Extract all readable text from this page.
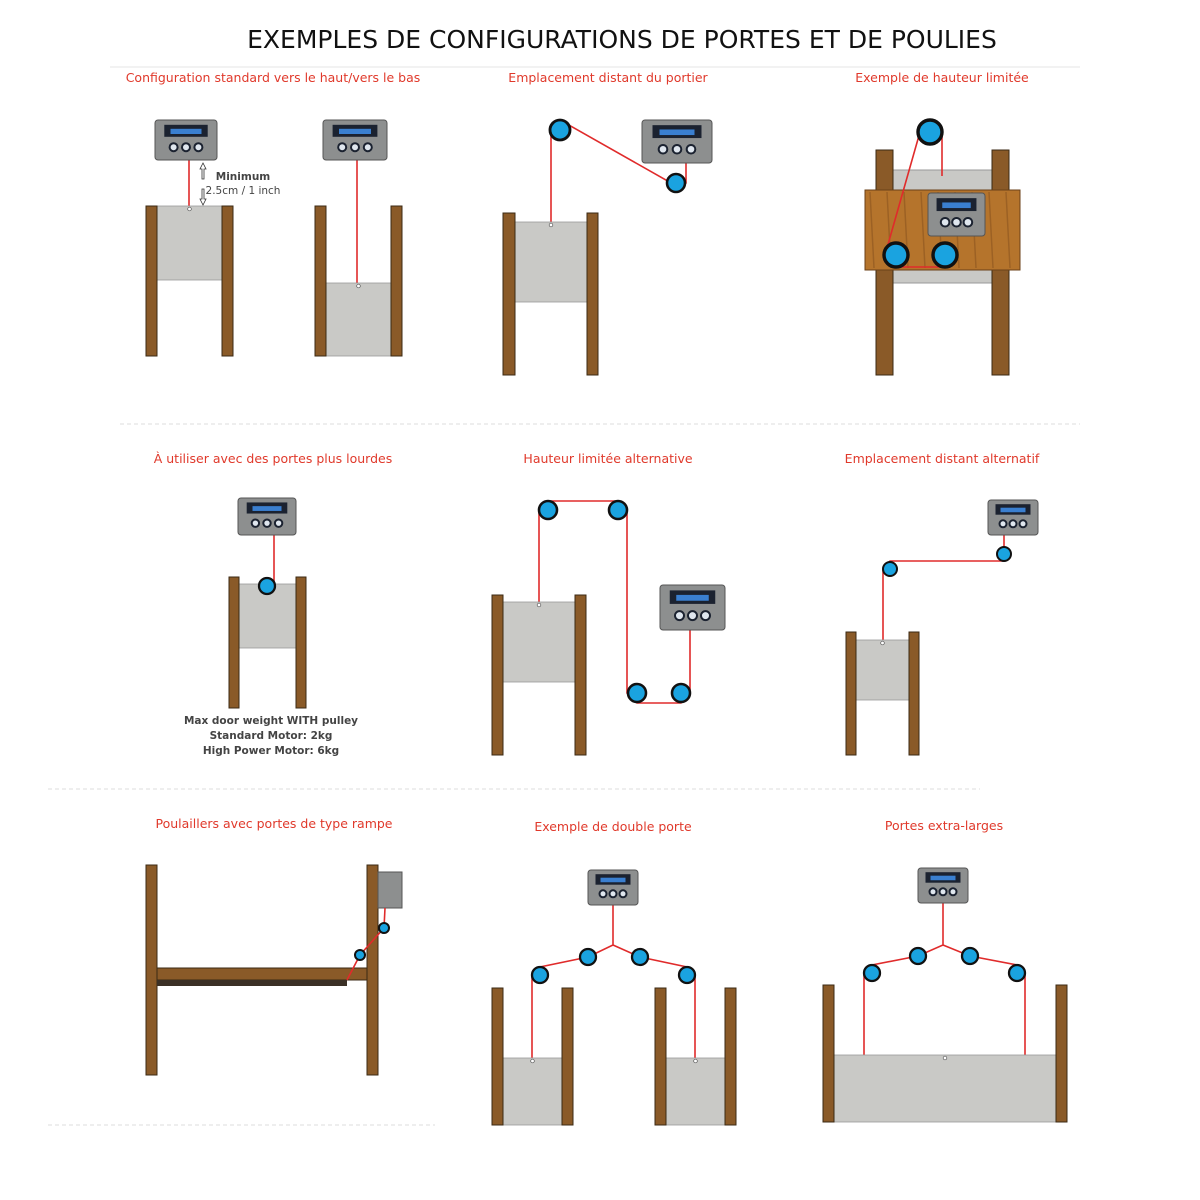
EXEMPLES DE CONFIGURATIONS DE PORTES ET DE POULIES
Configuration standard vers le haut/vers le bas	Emplacement distant du portier	Exemple de hauteur limitée
À utiliser avec des portes plus lourdes	Hauteur limitée alternative	Emplacement distant alternatif
Poulaillers avec portes de type rampe	Exemple de double porte	Portes extra-larges
Minimum
2.5cm / 1 inch
Max door weight WITH pulley
Standard Motor: 2kg
High Power Motor: 6kg
